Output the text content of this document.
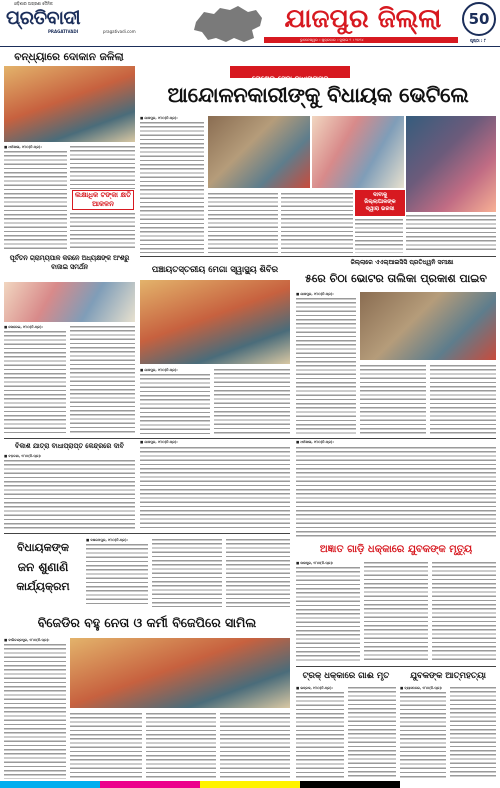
ଓଡ଼ିଶାର ଅଗ୍ରଣୀ ଦୈନିକ
ପ୍ରତିବାଦୀ
PRAGATIVADI	pragativadi.com	ଯାଜପୁର ଜିଲ୍ଲା	50
ଭୁବନେଶ୍ୱର । ଶୁକ୍ରବାର । ଜୁଲାଇ ୨ । ୨୦୨୪	ପୃଷ୍ଠା : ୮
ବନ୍ଧ୍ୟାରେ ଦୋକାନ ଜଳିଲା
■ ଧର୍ମଶାଳା, ୧୮ା୦(ନି.ପ୍ର):
ଲକ୍ଷାଧିକ ଟଙ୍କା କ୍ଷତି ଆକଳନ
ରୋଷେଇ ସେବା ବାଧାପ୍ରାପ୍ତ
ଆନ୍ଦୋଳନକାରୀଙ୍କୁ ବିଧାୟକ ଭେଟିଲେ
■ ଯାଜପୁର, ୧୮ା୦(ନି.ପ୍ର):
ଦାବୀକୁ ଜିଲ୍ଲାପାଳଙ୍କ ଦ୍ୱାରା ଭରସା
ପୂର୍ବତନ ଗ୍ରାମ୍ୟପାଳ କରନେ ଅଧ୍ୟକ୍ଷଙ୍କ ଅଂଶରୁ ବାଜାଇ ସମର୍ଥନ
■ କୋରେଇ, ୧୮ା୦(ନି.ପ୍ର):
ପଞ୍ଚାୟତସ୍ତରୀୟ ମେଗା ସ୍ୱାସ୍ଥ୍ୟ ଶିବିର
■ ଯାଜପୁର, ୧୮ା୦(ନି.ପ୍ର):
ଜିଲ୍ଲାରେ ଏଏଲ୍ଆଇସିସି ପ୍ରତିଧ୍ୱନି ସମୀକ୍ଷା
୫ରେ ଚିଠା ଭୋଟର ତାଲିକା ପ୍ରକାଶ ପାଇବ
■ ଯାଜପୁର, ୧୮ା୦(ନି.ପ୍ର):
ବିକାଶ ଯାତ୍ରା ବାଧାପ୍ରାପ୍ତ କେନ୍ଦ୍ରରେ ଦାବି
■ ବଡ଼ଚଣା, ୧୮ା୦(ନି.ପ୍ର):
■ ଯାଜପୁର, ୧୮ା୦(ନି.ପ୍ର):	■ ଧର୍ମଶାଳା, ୧୮ା୦(ନି.ପ୍ର):
ବିଧାୟକଙ୍କ
ଜନ ଶୁଣାଣି
କାର୍ଯ୍ୟକ୍ରମ
■ ଦଶରଥପୁର, ୧୮ା୦(ନି.ପ୍ର):
ଅଜ୍ଞାତ ଗାଡ଼ି ଧକ୍କାରେ ଯୁବକଙ୍କ ମୃତ୍ୟୁ
■ ଜାଜପୁର, ୧୮ା୦(ନି.ପ୍ର):
ବିଜେଡିର ବହୁ ନେତା ଓ କର୍ମୀ ବିଜେପିରେ ସାମିଲ
■ ବାଲିଚନ୍ଦ୍ରପୁର, ୧୮ା୦(ନି.ପ୍ର):
ଟ୍ରକ୍ ଧକ୍କାରେ ଗାଈ ମୃତ
■ ଭଦ୍ରକ, ୧୮ା୦(ନି.ପ୍ର):
ଯୁବକଙ୍କ ଆତ୍ମହତ୍ୟା
■ ବ୍ୟାସନଗର, ୧୮ା୦(ନି.ପ୍ର):
